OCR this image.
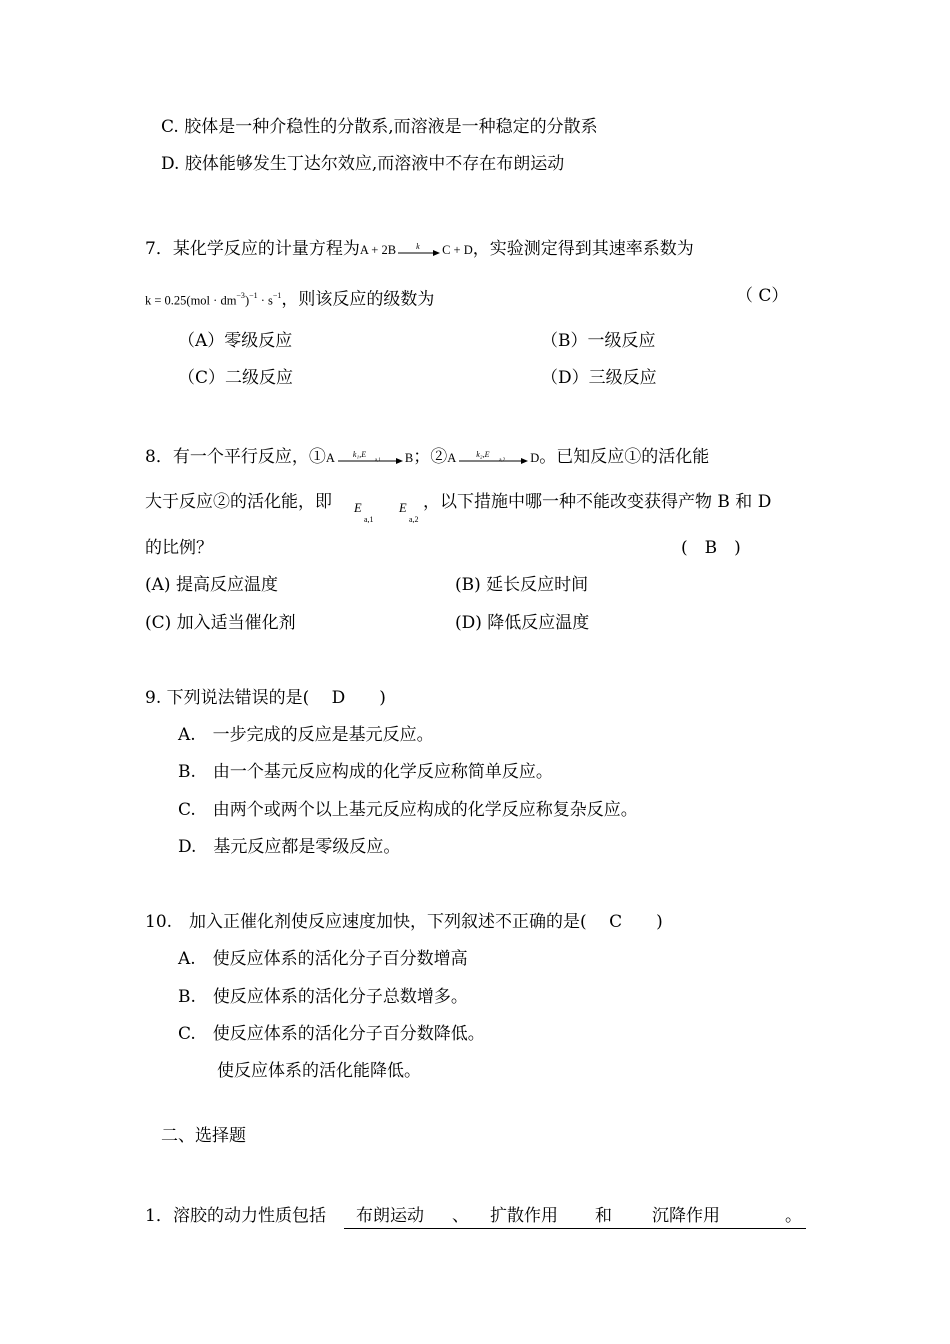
C. 胶体是一种介稳性的分散系,而溶液是一种稳定的分散系
D. 胶体能够发生丁达尔效应,而溶液中不存在布朗运动
7．某化学反应的计量方程为A + 2B	k C + D，实验测定得到其速率系数为
$k = 0.25(mol \cdot dm^{-3})^{-1} \cdot s^{-1}$，则该反应的级数为	（ C）
（A）零级反应	（B）一级反应
（C）二级反应	（D）三级反应
8．有一个平行反应，①A k₁,E
a,1 B；②A	k₂,E
a,2 D。已知反应①的活化能
大于反应②的活化能，即 E
a,1
E
a,2
，以下措施中哪一种不能改变获得产物 B 和 D
的比例？	(　B　)
(A) 提高反应温度	(B) 延长反应时间
(C) 加入适当催化剂	(D) 降低反应温度
9. 下列说法错误的是(　 D　　)
A.　一步完成的反应是基元反应。
B.　由一个基元反应构成的化学反应称简单反应。
C.　由两个或两个以上基元反应构成的化学反应称复杂反应。
D.　基元反应都是零级反应。
10.　加入正催化剂使反应速度加快，下列叙述不正确的是(　 C　　)
A.　使反应体系的活化分子百分数增高
B.　使反应体系的活化分子总数增多。
C.　使反应体系的活化分子百分数降低。
使反应体系的活化能降低。
二、选择题
1． 溶胶的动力性质包括 布朗运动 、 扩散作用 和 沉降作用	。
